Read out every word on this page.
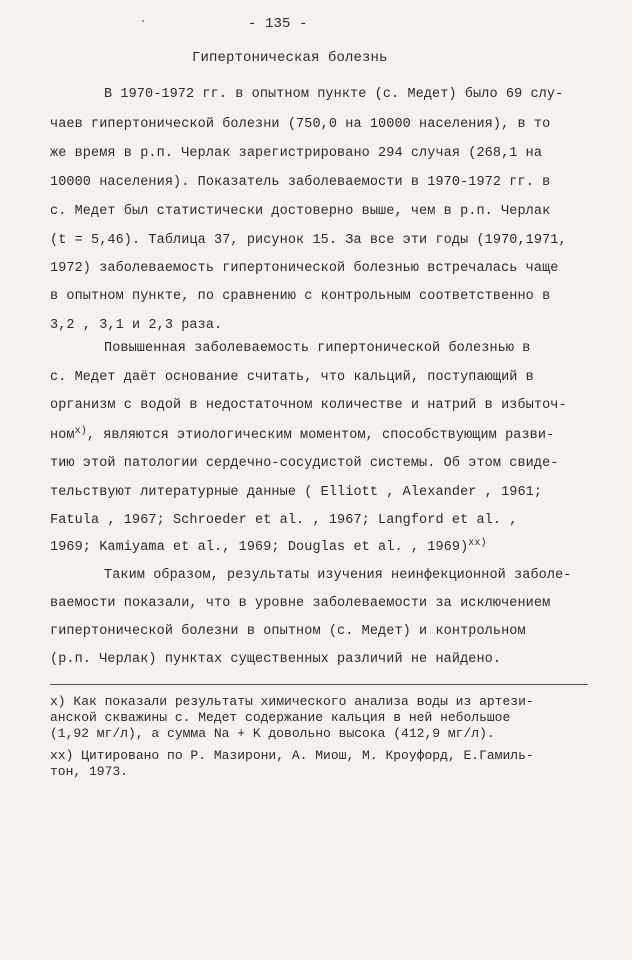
- 135 -
Гипертоническая болезнь
В 1970-1972 гг. в опытном пункте (с. Медет) было 69 слу-
чаев гипертонической болезни (750,0 на 10000 населения), в то
же время в р.п. Черлак зарегистрировано 294 случая (268,1 на
10000 населения). Показатель заболеваемости в 1970-1972 гг. в
с. Медет был статистически достоверно выше, чем в р.п. Черлак
(t = 5,46). Таблица 37, рисунок 15. За все эти годы (1970,1971,
1972) заболеваемость гипертонической болезнью встречалась чаще
в опытном пункте, по сравнению с контрольным соответственно в
3,2 , 3,1 и 2,3 раза.
Повышенная заболеваемость гипертонической болезнью в
с. Медет даёт основание считать, что кальций, поступающий в
организм с водой в недостаточном количестве и натрий в избыточ-
ном$^{х)}$, являются этиологическим моментом, способствующим разви-
тию этой патологии сердечно-сосудистой системы. Об этом свиде-
тельствуют литературные данные ( Elliott , Alexander , 1961;
Fatula , 1967; Schroeder et al. , 1967; Langford et al. ,
1969; Kamiyama et al., 1969; Douglas et al. , 1969)$^{хх)}$
Таким образом, результаты изучения неинфекционной заболе-
ваемости показали, что в уровне заболеваемости за исключением
гипертонической болезни в опытном (с. Медет) и контрольном
(р.п. Черлак) пунктах существенных различий не найдено.
х) Как показали результаты химического анализа воды из артези-
анской скважины с. Медет содержание кальция в ней небольшое
(1,92 мг/л), а сумма Na + K довольно высока (412,9 мг/л).
хх) Цитировано по Р. Мазирони, А. Миош, М. Кроуфорд, Е.Гамиль-
тон, 1973.
